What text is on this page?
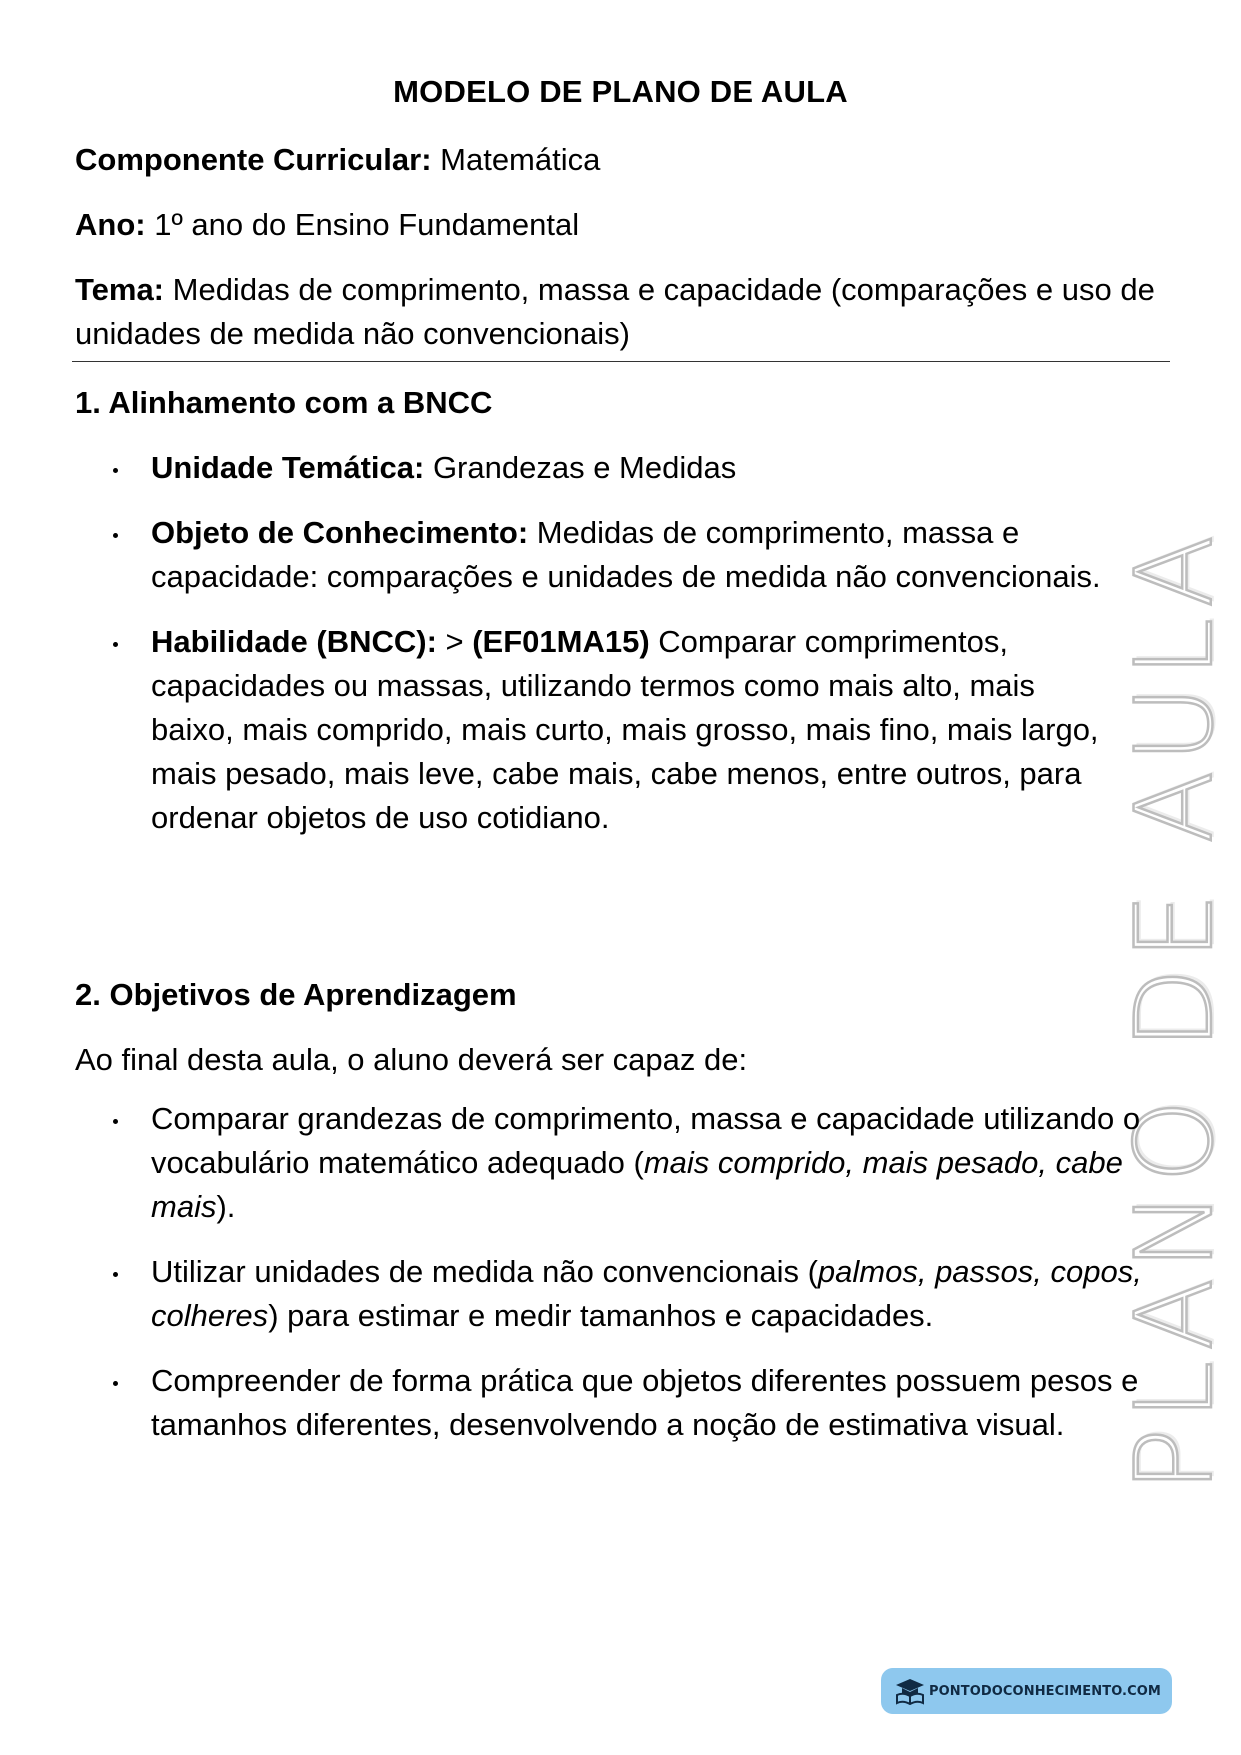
PLANO DE AULA
MODELO DE PLANO DE AULA
Componente Curricular: Matemática
Ano: 1º ano do Ensino Fundamental
Tema: Medidas de comprimento, massa e capacidade (comparações e uso de unidades de medida não convencionais)
1. Alinhamento com a BNCC
Unidade Temática: Grandezas e Medidas
Objeto de Conhecimento: Medidas de comprimento, massa e capacidade: comparações e unidades de medida não convencionais.
Habilidade (BNCC): > (EF01MA15) Comparar comprimentos, capacidades ou massas, utilizando termos como mais alto, mais baixo, mais comprido, mais curto, mais grosso, mais fino, mais largo, mais pesado, mais leve, cabe mais, cabe menos, entre outros, para ordenar objetos de uso cotidiano.
2. Objetivos de Aprendizagem
Ao final desta aula, o aluno deverá ser capaz de:
Comparar grandezas de comprimento, massa e capacidade utilizando o vocabulário matemático adequado (mais comprido, mais pesado, cabe mais).
Utilizar unidades de medida não convencionais (palmos, passos, copos, colheres) para estimar e medir tamanhos e capacidades.
Compreender de forma prática que objetos diferentes possuem pesos e tamanhos diferentes, desenvolvendo a noção de estimativa visual.
PONTODOCONHECIMENTO.COM
